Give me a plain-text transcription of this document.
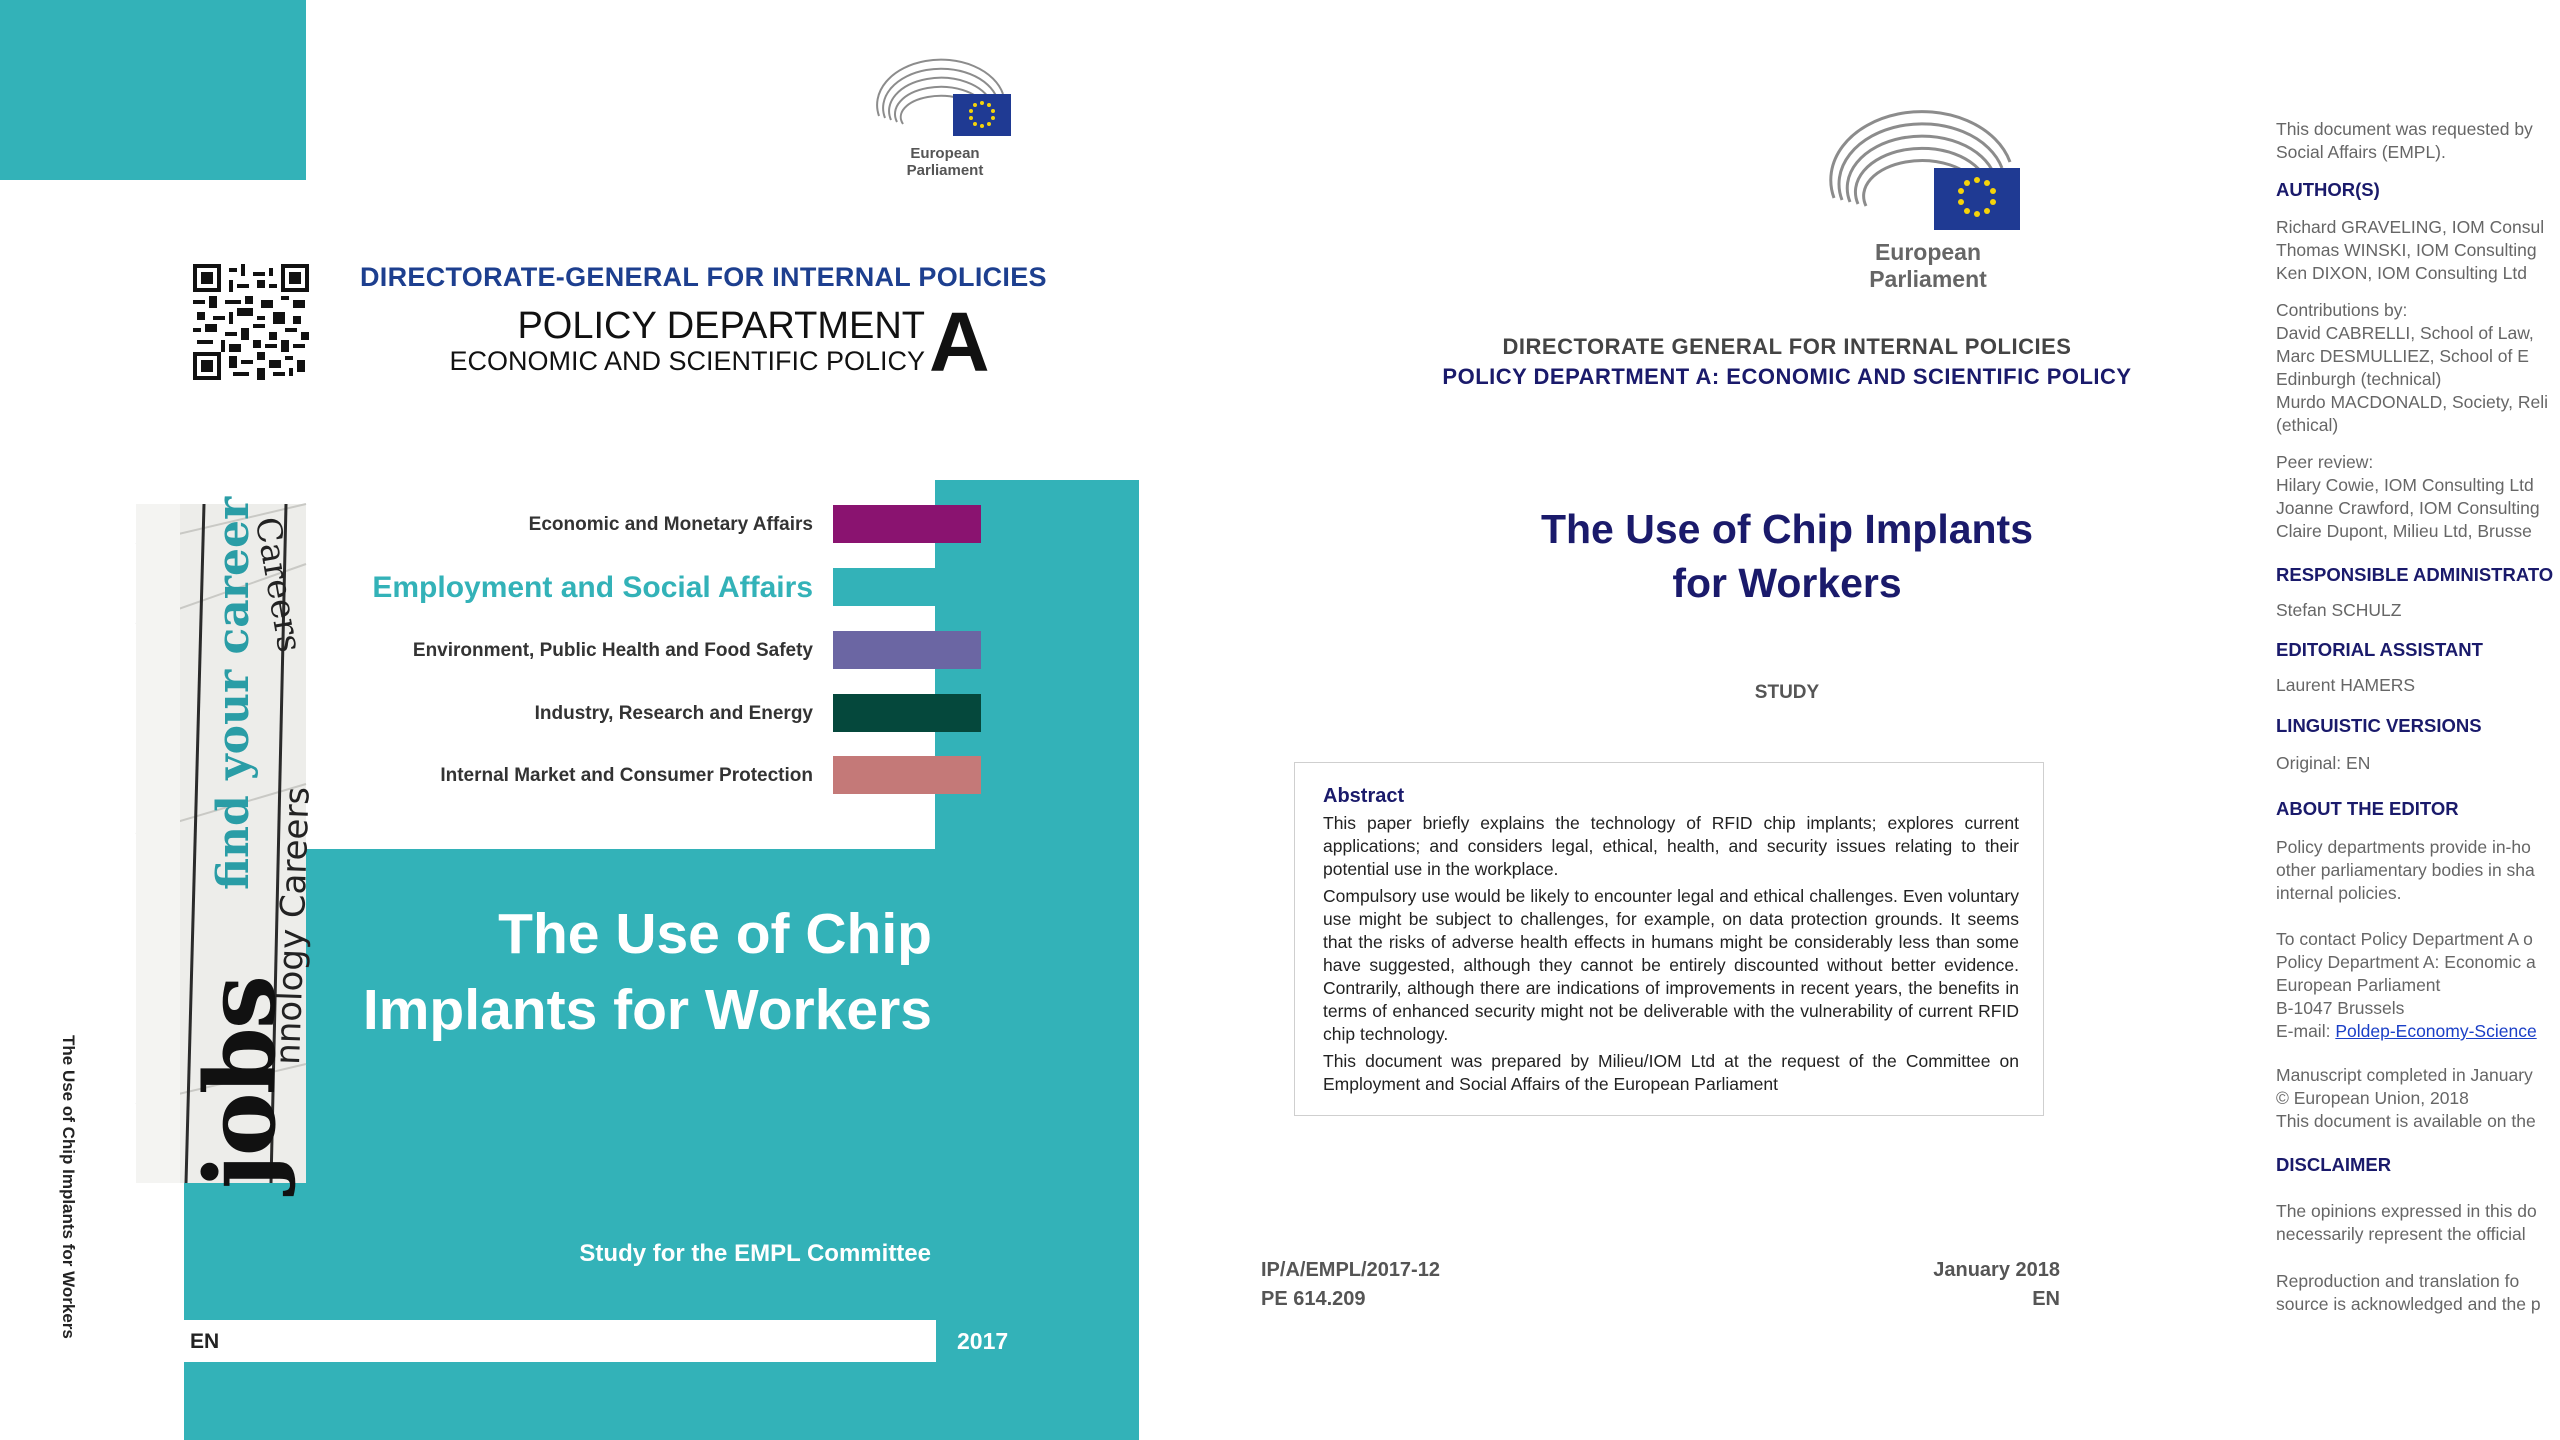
European Parliament
DIRECTORATE-GENERAL FOR INTERNAL POLICIES
POLICY DEPARTMENT
ECONOMIC AND SCIENTIFIC POLICY A
jobs
find your career
Careers
nnology Careers
Economic and Monetary Affairs
Employment and Social Affairs
Environment, Public Health and Food Safety
Industry, Research and Energy
Internal Market and Consumer Protection
The Use of Chip
Implants for Workers
Study for the EMPL Committee
EN	2017
The Use of Chip Implants for Workers
European Parliament
DIRECTORATE GENERAL FOR INTERNAL POLICIES
POLICY DEPARTMENT A: ECONOMIC AND SCIENTIFIC POLICY
The Use of Chip Implants
for Workers
STUDY
Abstract

This paper briefly explains the technology of RFID chip implants; explores current applications; and considers legal, ethical, health, and security issues relating to their potential use in the workplace.

Compulsory use would be likely to encounter legal and ethical challenges. Even voluntary use might be subject to challenges, for example, on data protection grounds. It seems that the risks of adverse health effects in humans might be considerably less than some have suggested, although they cannot be entirely discounted without better evidence. Contrarily, although there are indications of improvements in recent years, the benefits in terms of enhanced security might not be deliverable with the vulnerability of current RFID chip technology.

This document was prepared by Milieu/IOM Ltd at the request of the Committee on Employment and Social Affairs of the European Parliament

IP/A/EMPL/2017-12
PE 614.209
January 2018
EN
This document was requested by
Social Affairs (EMPL).
AUTHOR(S)
Richard GRAVELING, IOM Consul
Thomas WINSKI, IOM Consulting
Ken DIXON, IOM Consulting Ltd
Contributions by:
David CABRELLI, School of Law,
Marc DESMULLIEZ, School of E
Edinburgh (technical)
Murdo MACDONALD, Society, Reli
(ethical)
Peer review:
Hilary Cowie, IOM Consulting Ltd
Joanne Crawford, IOM Consulting
Claire Dupont, Milieu Ltd, Brusse
RESPONSIBLE ADMINISTRATO
Stefan SCHULZ
EDITORIAL ASSISTANT
Laurent HAMERS
LINGUISTIC VERSIONS
Original: EN
ABOUT THE EDITOR
Policy departments provide in-ho
other parliamentary bodies in sha
internal policies.
To contact Policy Department A o
Policy Department A: Economic a
European Parliament
B-1047 Brussels
E-mail: Poldep-Economy-Science
Manuscript completed in January
© European Union, 2018
This document is available on the
DISCLAIMER
The opinions expressed in this do
necessarily represent the official
Reproduction and translation fo
source is acknowledged and the p
